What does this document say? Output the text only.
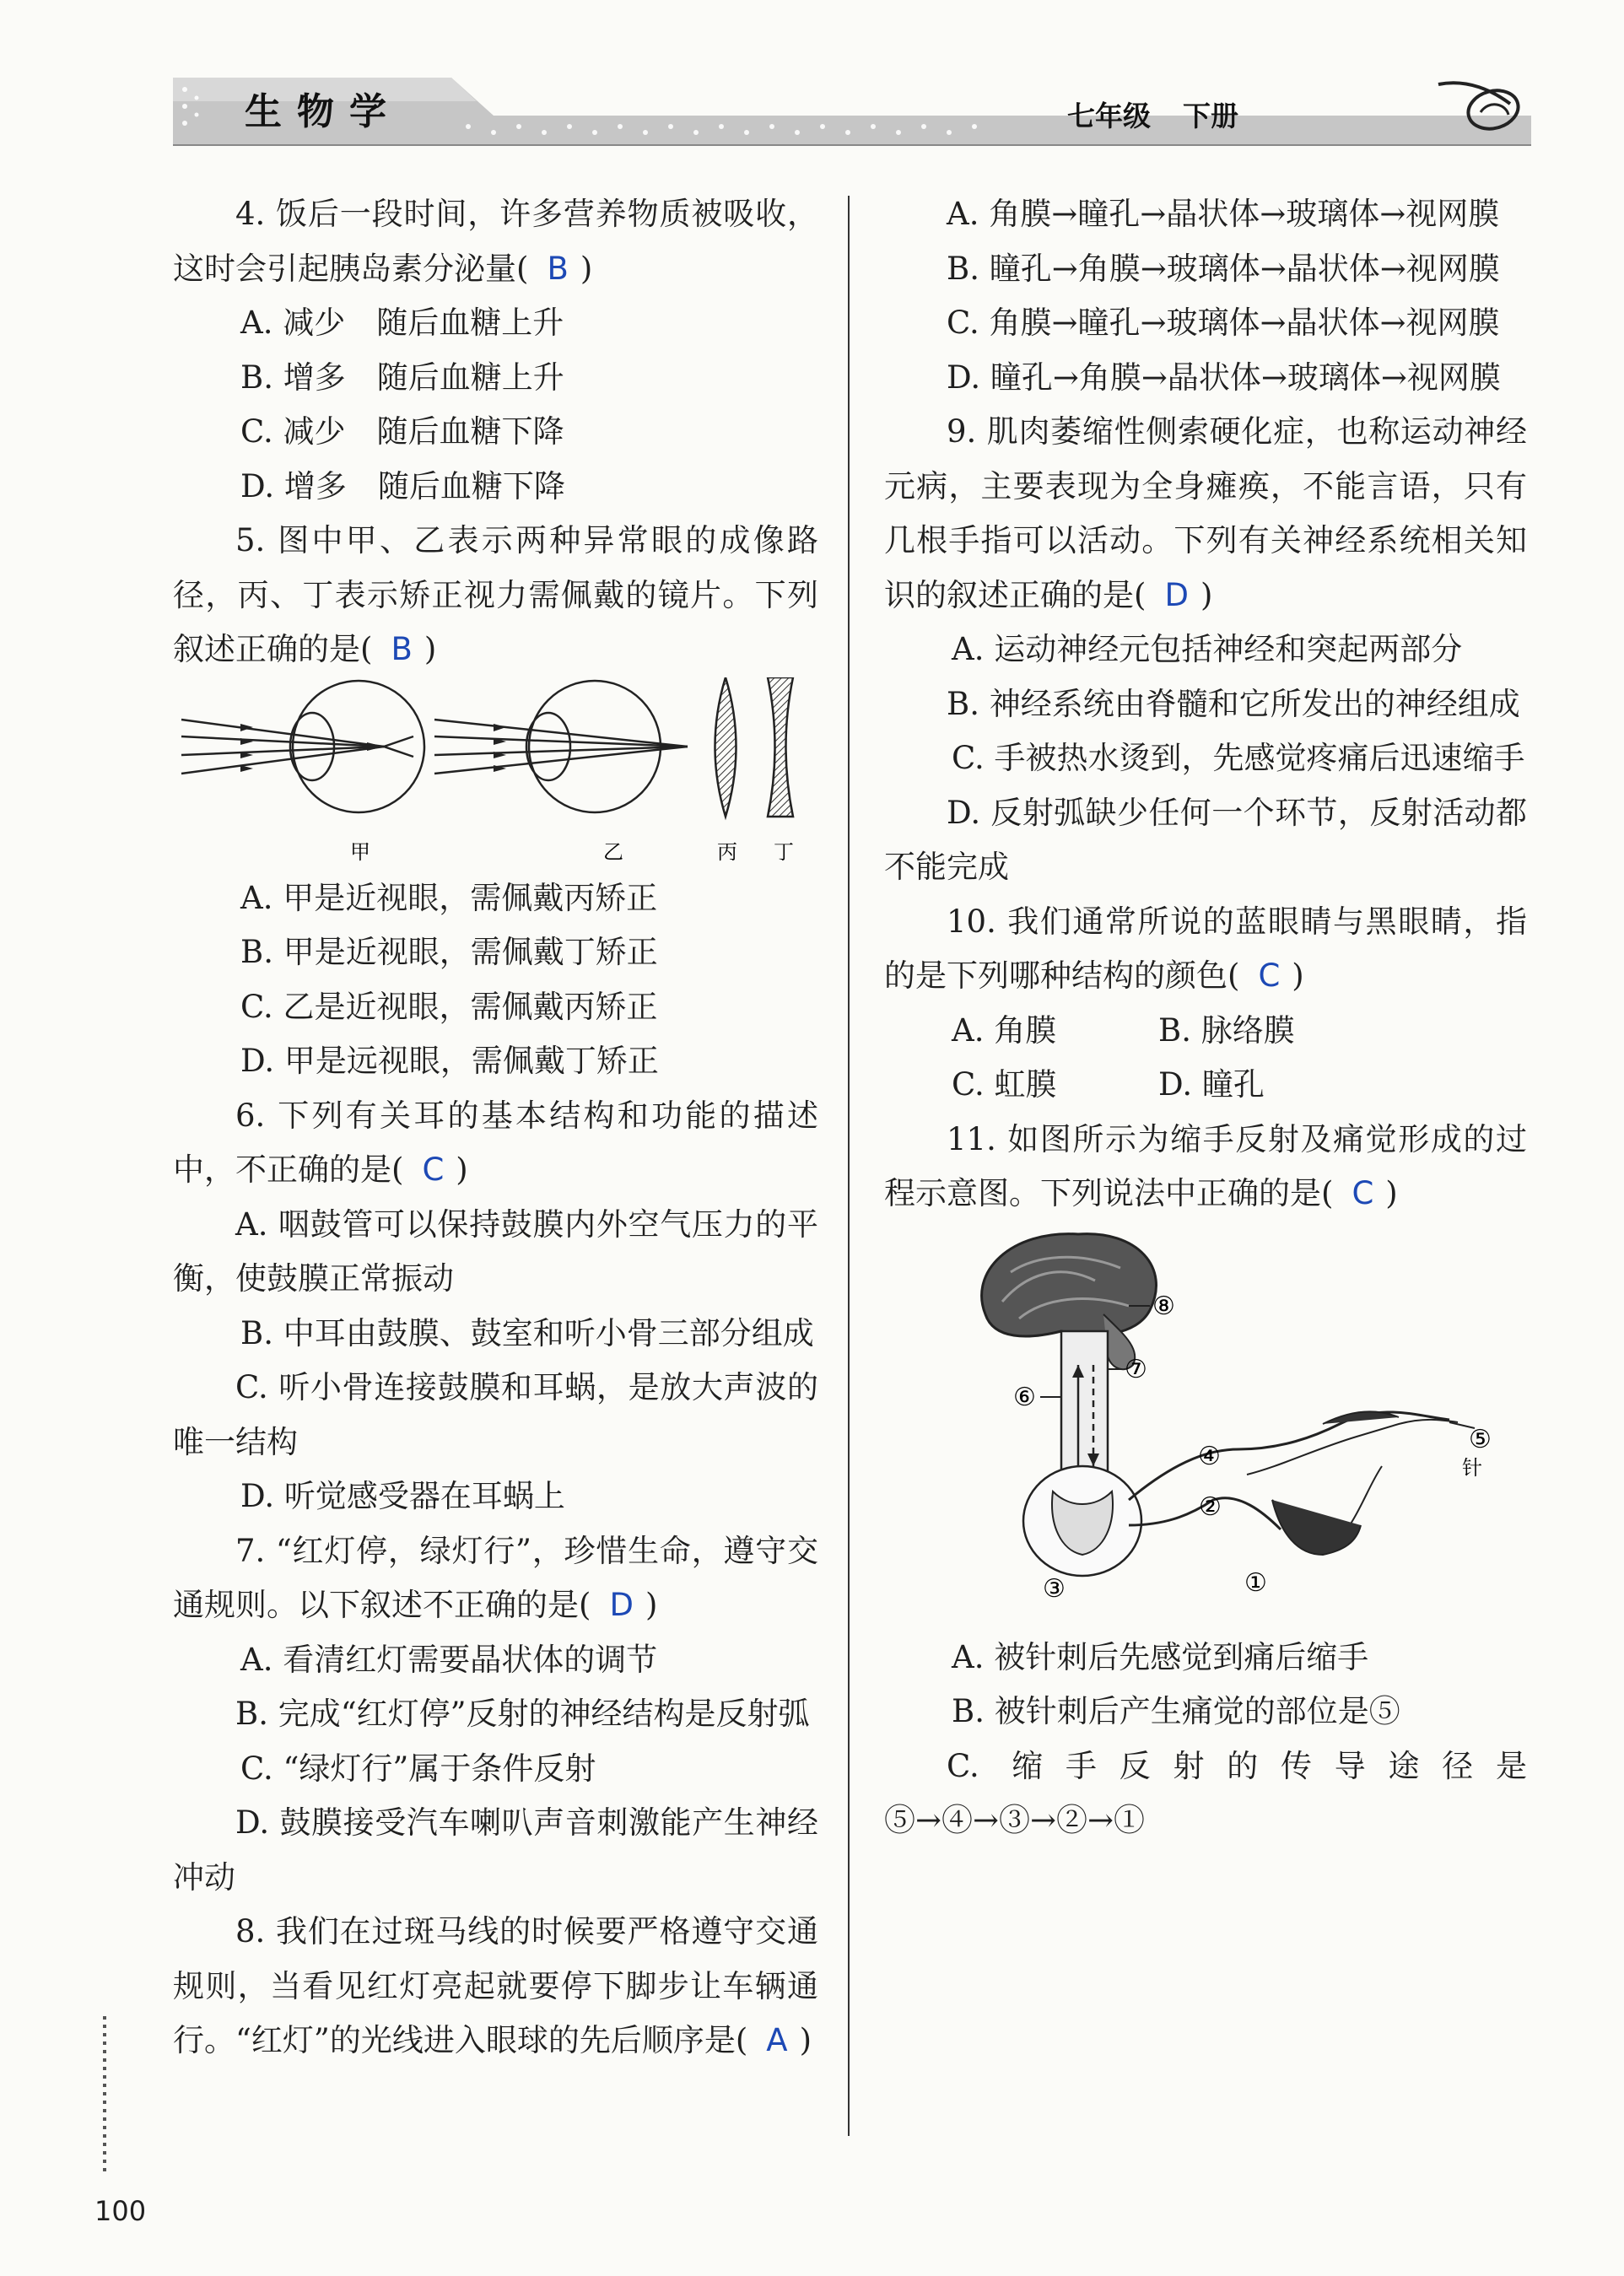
生物学	七年级 下册

4. 饭后一段时间，许多营养物质被吸收，这时会引起胰岛素分泌量( B )

A. 减少　随后血糖上升

B. 增多　随后血糖上升

C. 减少　随后血糖下降

D. 增多　随后血糖下降

5. 图中甲、乙表示两种异常眼的成像路径，丙、丁表示矫正视力需佩戴的镜片。下列叙述正确的是( B )

甲	乙	丙 丁

A. 甲是近视眼，需佩戴丙矫正

B. 甲是近视眼，需佩戴丁矫正

C. 乙是近视眼，需佩戴丙矫正

D. 甲是远视眼，需佩戴丁矫正

6. 下列有关耳的基本结构和功能的描述中，不正确的是( C )

A. 咽鼓管可以保持鼓膜内外空气压力的平衡，使鼓膜正常振动

B. 中耳由鼓膜、鼓室和听小骨三部分组成

C. 听小骨连接鼓膜和耳蜗，是放大声波的唯一结构

D. 听觉感受器在耳蜗上

7. “红灯停，绿灯行”，珍惜生命，遵守交通规则。以下叙述不正确的是( D )

A. 看清红灯需要晶状体的调节

B. 完成“红灯停”反射的神经结构是反射弧

C. “绿灯行”属于条件反射

D. 鼓膜接受汽车喇叭声音刺激能产生神经冲动

8. 我们在过斑马线的时候要严格遵守交通规则，当看见红灯亮起就要停下脚步让车辆通行。“红灯”的光线进入眼球的先后顺序是( A )

A. 角膜→瞳孔→晶状体→玻璃体→视网膜

B. 瞳孔→角膜→玻璃体→晶状体→视网膜

C. 角膜→瞳孔→玻璃体→晶状体→视网膜

D. 瞳孔→角膜→晶状体→玻璃体→视网膜

9. 肌肉萎缩性侧索硬化症，也称运动神经元病，主要表现为全身瘫痪，不能言语，只有几根手指可以活动。下列有关神经系统相关知识的叙述正确的是( D )

A. 运动神经元包括神经和突起两部分

B. 神经系统由脊髓和它所发出的神经组成

C. 手被热水烫到，先感觉疼痛后迅速缩手

D. 反射弧缺少任何一个环节，反射活动都不能完成

10. 我们通常所说的蓝眼睛与黑眼睛，指的是下列哪种结构的颜色( C )

A. 角膜	B. 脉络膜

C. 虹膜	D. 瞳孔

11. 如图所示为缩手反射及痛觉形成的过程示意图。下列说法中正确的是( C )

⑧
⑦
⑥
④
⑤
②
③	①
针

A. 被针刺后先感觉到痛后缩手

B. 被针刺后产生痛觉的部位是⑤

C. 缩手反射的传导途径是⑤→④→③→②→①

100
